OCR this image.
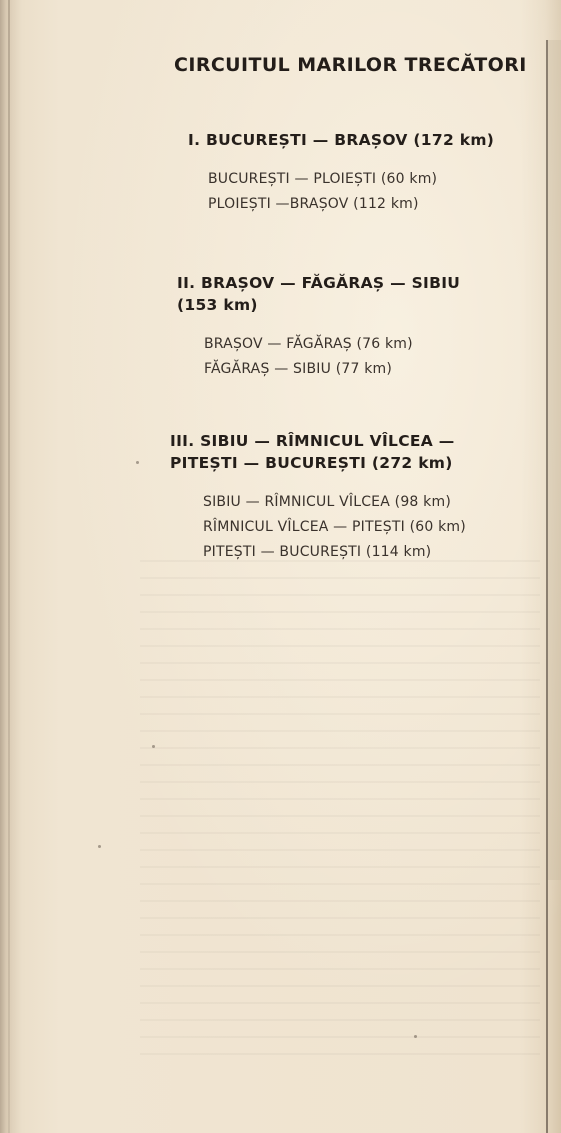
CIRCUITUL MARILOR TRECĂTORI
I. BUCUREȘTI — BRAȘOV (172 km)
BUCUREȘTI — PLOIEȘTI (60 km)
PLOIEȘTI —BRAȘOV (112 km)
II. BRAȘOV — FĂGĂRAȘ — SIBIU
(153 km)
BRAȘOV — FĂGĂRAȘ (76 km)
FĂGĂRAȘ — SIBIU (77 km)
III. SIBIU — RÎMNICUL VÎLCEA —
PITEȘTI — BUCUREȘTI (272 km)
SIBIU — RÎMNICUL VÎLCEA (98 km)
RÎMNICUL VÎLCEA — PITEȘTI (60 km)
PITEȘTI — BUCUREȘTI (114 km)
